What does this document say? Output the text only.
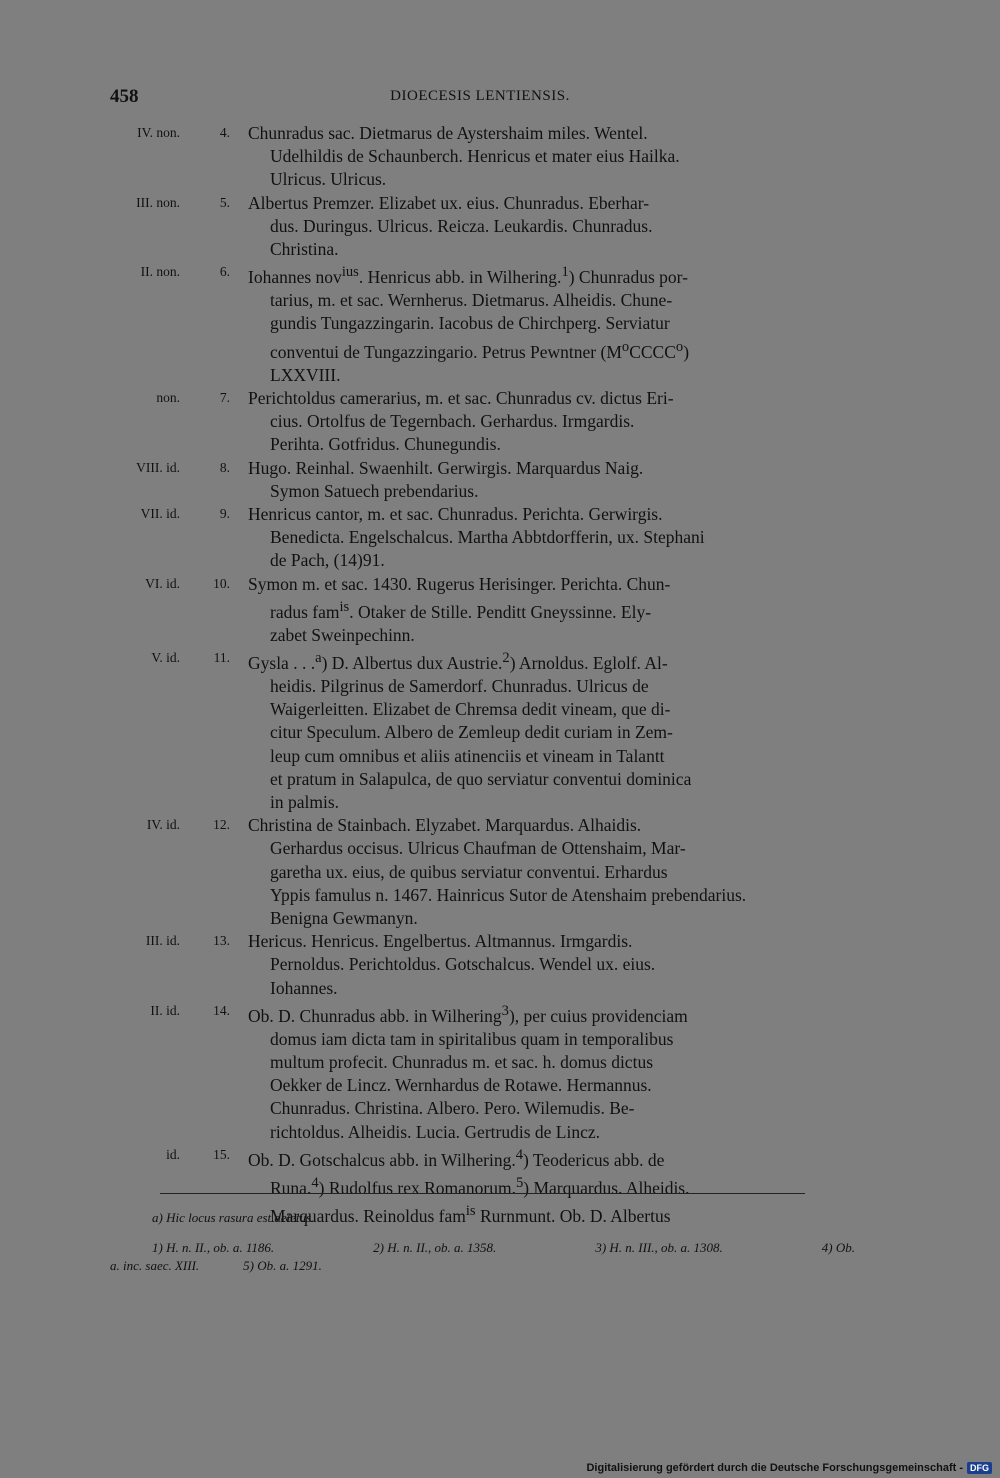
458	DIOECESIS LENTIENSIS.
IV. non.	4. Chunradus sac. Dietmarus de Aystershaim miles. Wentel.
Udelhildis de Schaunberch. Henricus et mater eius Hailka.
Ulricus. Ulricus.
III. non.	5. Albertus Premzer. Elizabet ux. eius. Chunradus. Eberhar-
dus. Duringus. Ulricus. Reicza. Leukardis. Chunradus.
Christina.
II. non.	6. Iohannes nov$^{ius}$. Henricus abb. in Wilhering.$^1$) Chunradus por-
tarius, m. et sac. Wernherus. Dietmarus. Alheidis. Chune-
gundis Tungazzingarin. Iacobus de Chirchperg. Serviatur
conventui de Tungazzingario. Petrus Pewntner $(M^oCCCC^o)$
LXXVIII.
non.	7. Perichtoldus camerarius, m. et sac. Chunradus cv. dictus Eri-
cius. Ortolfus de Tegernbach. Gerhardus. Irmgardis.
Perihta. Gotfridus. Chunegundis.
VIII. id.	8. Hugo. Reinhal. Swaenhilt. Gerwirgis. Marquardus Naig.
Symon Satuech prebendarius.
VII. id.	9. Henricus cantor, m. et sac. Chunradus. Perichta. Gerwirgis.
Benedicta. Engelschalcus. Martha Abbtdorfferin, ux. Stephani
de Pach, (14)91.
VI. id.	10. Symon m. et sac. 1430. Rugerus Herisinger. Perichta. Chun-
radus fam$^{is}$. Otaker de Stille. Penditt Gneyssinne. Ely-
zabet Sweinpechinn.
V. id.	11. Gysla . . .$^a$) D. Albertus dux Austrie.$^2$) Arnoldus. Eglolf. Al-
heidis. Pilgrinus de Samerdorf. Chunradus. Ulricus de
Waigerleitten. Elizabet de Chremsa dedit vineam, que di-
citur Speculum. Albero de Zemleup dedit curiam in Zem-
leup cum omnibus et aliis atinenciis et vineam in Talantt
et pratum in Salapulca, de quo serviatur conventui dominica
in palmis.
IV. id.	12. Christina de Stainbach. Elyzabet. Marquardus. Alhaidis.
Gerhardus occisus. Ulricus Chaufman de Ottenshaim, Mar-
garetha ux. eius, de quibus serviatur conventui. Erhardus
Yppis famulus n. 1467. Hainricus Sutor de Atenshaim prebendarius.
Benigna Gewmanyn.
III. id.	13. Hericus. Henricus. Engelbertus. Altmannus. Irmgardis.
Pernoldus. Perichtoldus. Gotschalcus. Wendel ux. eius.
Iohannes.
II. id.	14. Ob. D. Chunradus abb. in Wilhering$^3$), per cuius providenciam
domus iam dicta tam in spiritalibus quam in temporalibus
multum profecit. Chunradus m. et sac. h. domus dictus
Oekker de Lincz. Wernhardus de Rotawe. Hermannus.
Chunradus. Christina. Albero. Pero. Wilemudis. Be-
richtoldus. Alheidis. Lucia. Gertrudis de Lincz.
id.	15. Ob. D. Gotschalcus abb. in Wilhering.$^4$) Teodericus abb. de
Runa.$^4$) Rudolfus rex Romanorum.$^5$) Marquardus. Alheidis.
Marquardus. Reinoldus fam$^{is}$ Rurnmunt. Ob. D. Albertus
a) Hic locus rasura est deletus.
1) H. n. II., ob. a. 1186.	2) H. n. II., ob. a. 1358.	3) H. n. III., ob. a. 1308.	4) Ob.
a. inc. saec. XIII.	5) Ob. a. 1291.
Digitalisierung gefördert durch die Deutsche Forschungsgemeinschaft - DFG
